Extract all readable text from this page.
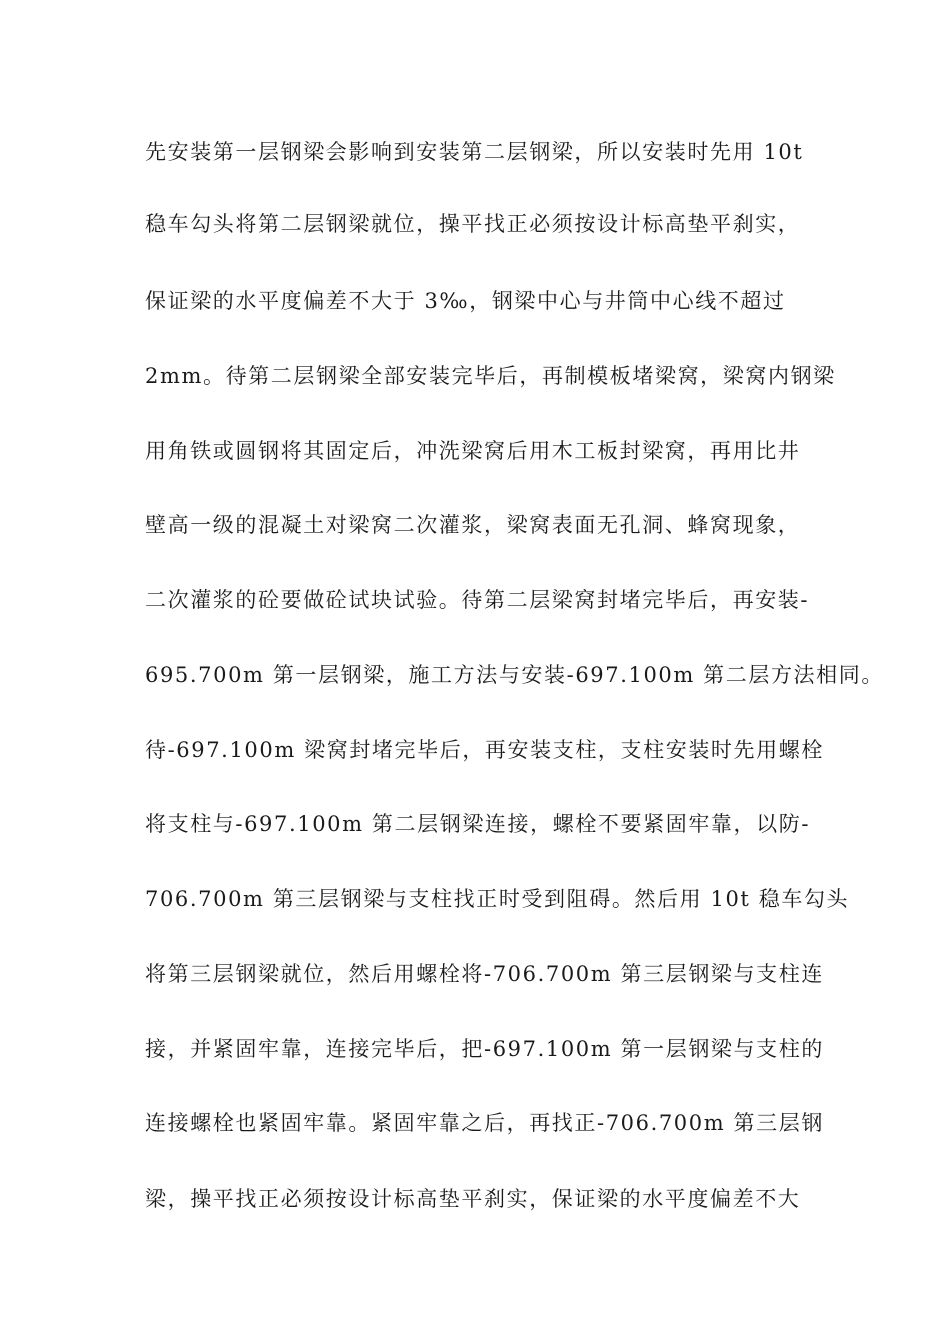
先安装第一层钢梁会影响到安装第二层钢梁，所以安装时先用 10t
稳车勾头将第二层钢梁就位，操平找正必须按设计标高垫平刹实，
保证梁的水平度偏差不大于 3‰，钢梁中心与井筒中心线不超过
2mm。待第二层钢梁全部安装完毕后，再制模板堵梁窝，梁窝内钢梁
用角铁或圆钢将其固定后，冲洗梁窝后用木工板封梁窝，再用比井
壁高一级的混凝土对梁窝二次灌浆，梁窝表面无孔洞、蜂窝现象，
二次灌浆的砼要做砼试块试验。待第二层梁窝封堵完毕后，再安装-
695.700m 第一层钢梁，施工方法与安装-697.100m 第二层方法相同。
待-697.100m 梁窝封堵完毕后，再安装支柱，支柱安装时先用螺栓
将支柱与-697.100m 第二层钢梁连接，螺栓不要紧固牢靠，以防-
706.700m 第三层钢梁与支柱找正时受到阻碍。然后用 10t 稳车勾头
将第三层钢梁就位，然后用螺栓将-706.700m 第三层钢梁与支柱连
接，并紧固牢靠，连接完毕后，把-697.100m 第一层钢梁与支柱的
连接螺栓也紧固牢靠。紧固牢靠之后，再找正-706.700m 第三层钢
梁，操平找正必须按设计标高垫平刹实，保证梁的水平度偏差不大
